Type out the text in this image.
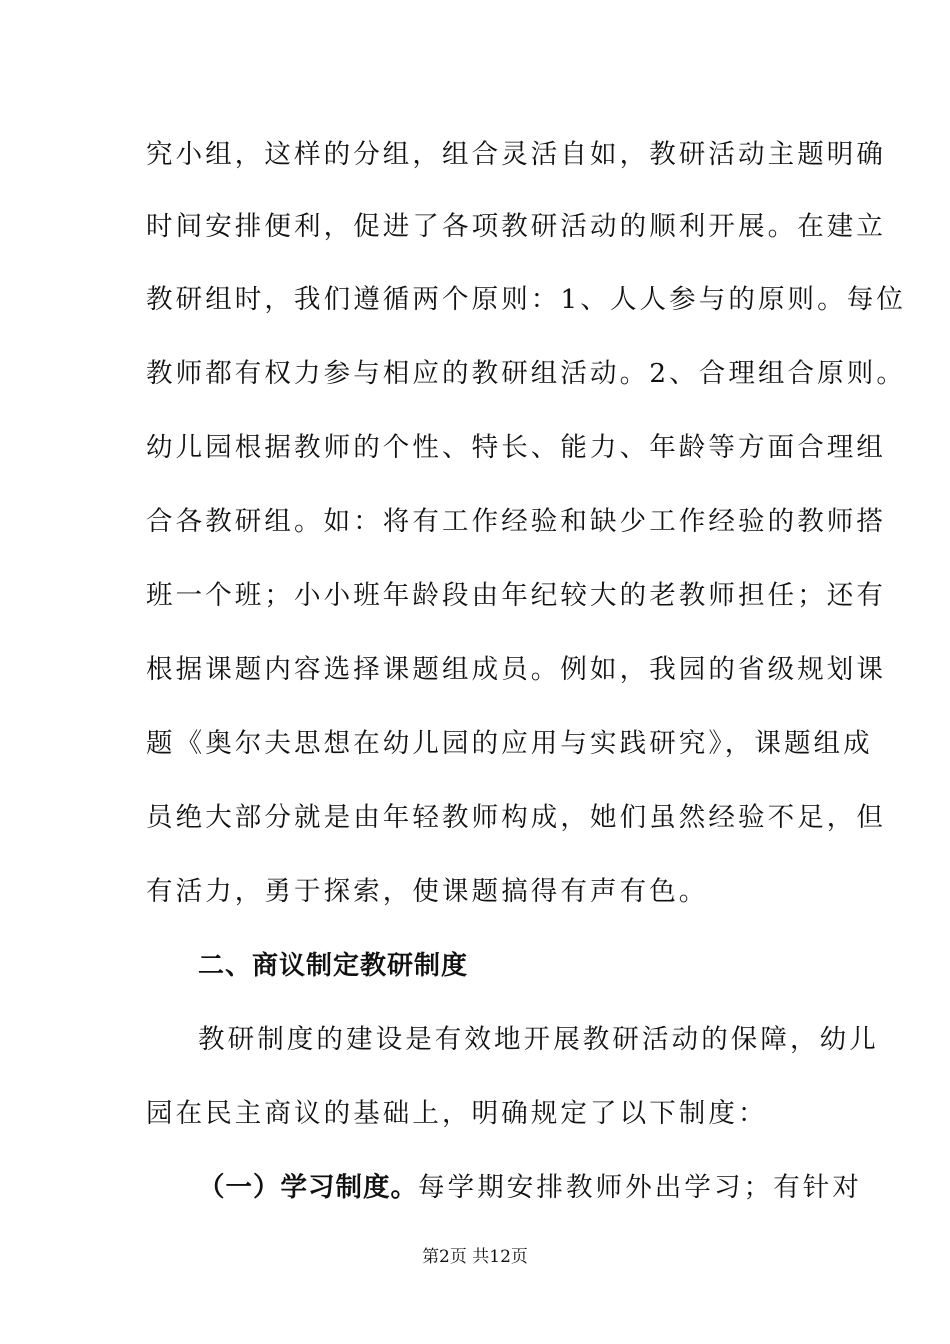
究小组，这样的分组，组合灵活自如，教研活动主题明确
时间安排便利，促进了各项教研活动的顺利开展。在建立
教研组时，我们遵循两个原则：1、人人参与的原则。每位
教师都有权力参与相应的教研组活动。2、合理组合原则。
幼儿园根据教师的个性、特长、能力、年龄等方面合理组
合各教研组。如：将有工作经验和缺少工作经验的教师搭
班一个班；小小班年龄段由年纪较大的老教师担任；还有
根据课题内容选择课题组成员。例如，我园的省级规划课
题《奥尔夫思想在幼儿园的应用与实践研究》，课题组成
员绝大部分就是由年轻教师构成，她们虽然经验不足，但
有活力，勇于探索，使课题搞得有声有色。
二、商议制定教研制度
教研制度的建设是有效地开展教研活动的保障，幼儿
园在民主商议的基础上，明确规定了以下制度：
（一）学习制度。每学期安排教师外出学习；有针对
第2页 共12页
